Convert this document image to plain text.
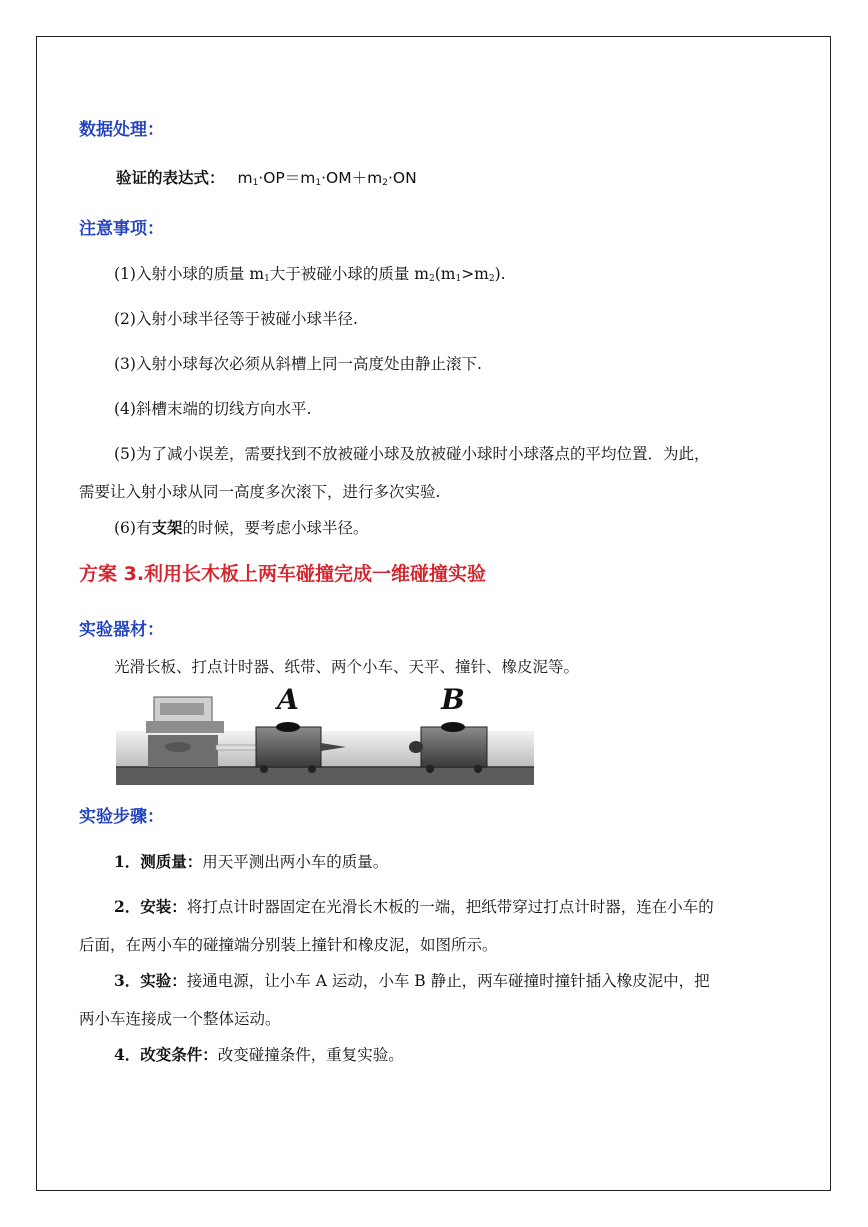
数据处理：
验证的表达式： $m_1\cdot OP=m_1\cdot OM+m_2\cdot ON$
注意事项：
(1)入射小球的质量 $m_1$大于被碰小球的质量 $m_2(m_1>m_2)$.
(2)入射小球半径等于被碰小球半径.
(3)入射小球每次必须从斜槽上同一高度处由静止滚下.
(4)斜槽末端的切线方向水平.
(5)为了减小误差，需要找到不放被碰小球及放被碰小球时小球落点的平均位置．为此，
需要让入射小球从同一高度多次滚下，进行多次实验.
(6)有支架的时候，要考虑小球半径。
方案 3.利用长木板上两车碰撞完成一维碰撞实验
实验器材：
光滑长板、打点计时器、纸带、两个小车、天平、撞针、橡皮泥等。
A	B
实验步骤：
1．测质量：用天平测出两小车的质量。
2．安装：将打点计时器固定在光滑长木板的一端，把纸带穿过打点计时器，连在小车的
后面，在两小车的碰撞端分别装上撞针和橡皮泥，如图所示。
3．实验：接通电源，让小车 A 运动，小车 B 静止，两车碰撞时撞针插入橡皮泥中，把
两小车连接成一个整体运动。
4．改变条件：改变碰撞条件，重复实验。
